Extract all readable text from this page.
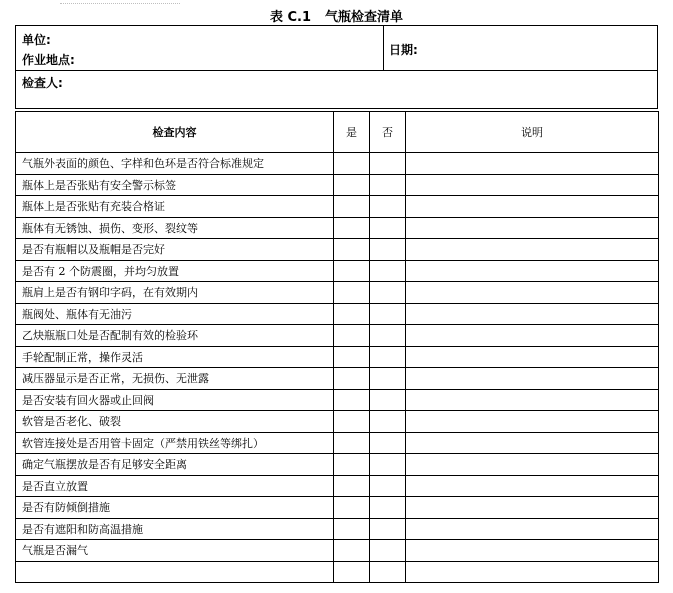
表 C.1 气瓶检查清单
单位:
作业地点:
日期:
检查人:
检查内容	是	否	说明
气瓶外表面的颜色、字样和色环是否符合标准规定			
瓶体上是否张贴有安全警示标签			
瓶体上是否张贴有充装合格证			
瓶体有无锈蚀、损伤、变形、裂纹等			
是否有瓶帽以及瓶帽是否完好			
是否有 2 个防震圈，并均匀放置			
瓶肩上是否有钢印字码，在有效期内			
瓶阀处、瓶体有无油污			
乙炔瓶瓶口处是否配制有效的检验环			
手轮配制正常，操作灵活			
减压器显示是否正常，无损伤、无泄露			
是否安装有回火器或止回阀			
软管是否老化、破裂			
软管连接处是否用管卡固定（严禁用铁丝等绑扎）			
确定气瓶摆放是否有足够安全距离			
是否直立放置			
是否有防倾倒措施			
是否有遮阳和防高温措施			
气瓶是否漏气			
